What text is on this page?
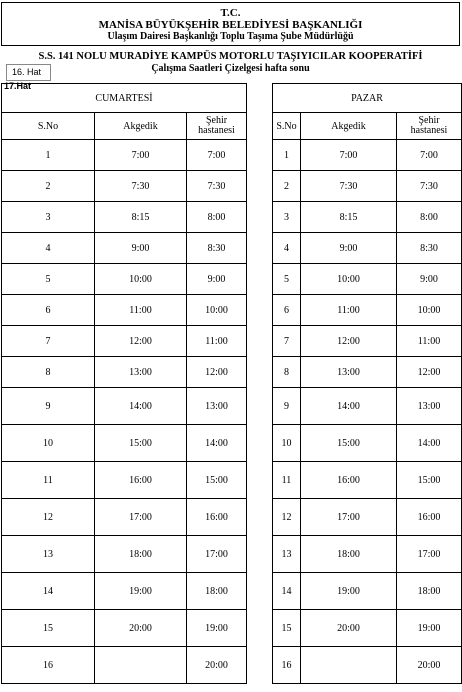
T.C.
MANİSA BÜYÜKŞEHİR BELEDİYESİ BAŞKANLIĞI
Ulaşım Dairesi Başkanlığı Toplu Taşıma Şube Müdürlüğü
S.S. 141 NOLU MURADİYE KAMPÜS MOTORLU TAŞIYICILAR KOOPERATİFİ
Çalışma Saatleri Çizelgesi hafta sonu
16. Hat
17.Hat
CUMARTESİ		
S.No	Akgedik	Şehir
hastanesi
1	7:00	7:00
2	7:30	7:30
3	8:15	8:00
4	9:00	8:30
5	10:00	9:00
6	11:00	10:00
7	12:00	11:00
8	13:00	12:00
9	14:00	13:00
10	15:00	14:00
11	16:00	15:00
12	17:00	16:00
13	18:00	17:00
14	19:00	18:00
15	20:00	19:00
16		20:00
PAZAR		
S.No	Akgedik	Şehir
hastanesi
1	7:00	7:00
2	7:30	7:30
3	8:15	8:00
4	9:00	8:30
5	10:00	9:00
6	11:00	10:00
7	12:00	11:00
8	13:00	12:00
9	14:00	13:00
10	15:00	14:00
11	16:00	15:00
12	17:00	16:00
13	18:00	17:00
14	19:00	18:00
15	20:00	19:00
16		20:00
